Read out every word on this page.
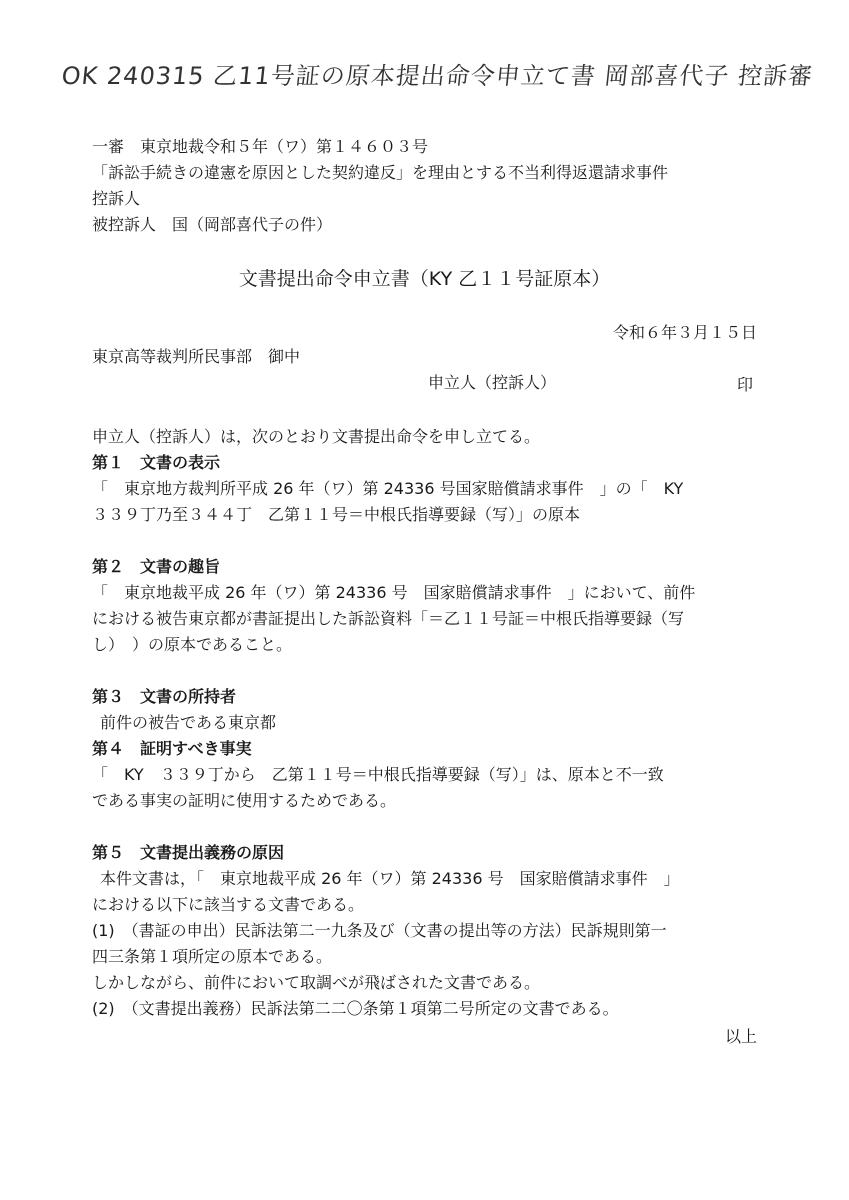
OK 240315 乙11号証の原本提出命令申立て書 岡部喜代子 控訴審
一審　東京地裁令和５年（ワ）第１４６０３号
「訴訟手続きの違憲を原因とした契約違反」を理由とする不当利得返還請求事件
控訴人
被控訴人　国（岡部喜代子の件）
文書提出命令申立書（KY 乙１１号証原本）
令和６年３月１５日
東京高等裁判所民事部　御中
申立人（控訴人）	印
申立人（控訴人）は，次のとおり文書提出命令を申し立てる。
第１　文書の表示
「　東京地方裁判所平成 26 年（ワ）第 24336 号国家賠償請求事件　」の「　KY
３３９丁乃至３４４丁　乙第１１号＝中根氏指導要録（写）」の原本
第２　文書の趣旨
「　東京地裁平成 26 年（ワ）第 24336 号　国家賠償請求事件　」において、前件
における被告東京都が書証提出した訴訟資料「＝乙１１号証＝中根氏指導要録（写
し）　）の原本であること。
第３　文書の所持者
前件の被告である東京都
第４　証明すべき事実
「　KY　３３９丁から　乙第１１号＝中根氏指導要録（写）」は、原本と不一致
である事実の証明に使用するためである。
第５　文書提出義務の原因
本件文書は，「　東京地裁平成 26 年（ワ）第 24336 号　国家賠償請求事件　」
における以下に該当する文書である。
(1)　（書証の申出）民訴法第二一九条及び（文書の提出等の方法）民訴規則第一
四三条第１項所定の原本である。
しかしながら、前件において取調べが飛ばされた文書である。
(2)　（文書提出義務）民訴法第二二〇条第１項第二号所定の文書である。
以上
